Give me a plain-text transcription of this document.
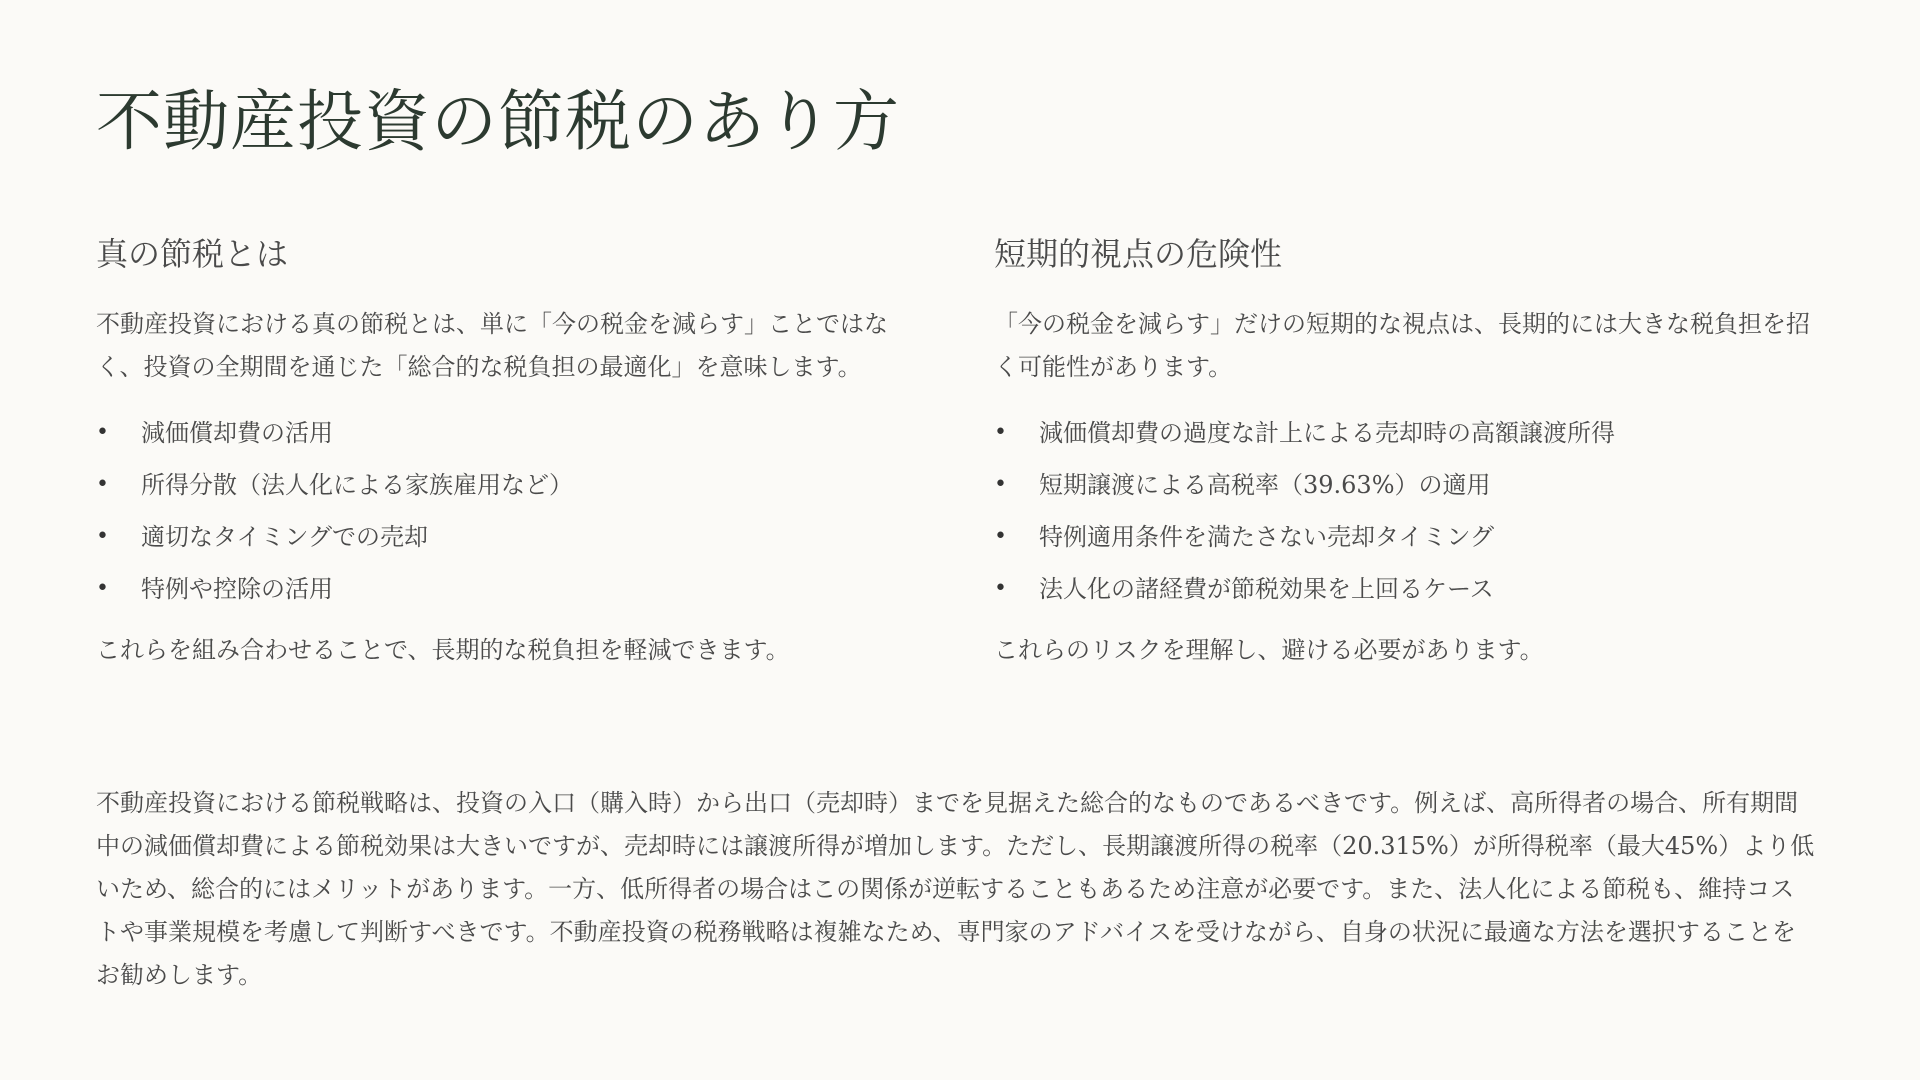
不動産投資の節税のあり方
真の節税とは

不動産投資における真の節税とは、単に「今の税金を減らす」ことではなく、投資の全期間を通じた「総合的な税負担の最適化」を意味します。

•	減価償却費の活用
•	所得分散（法人化による家族雇用など）
•	適切なタイミングでの売却
•	特例や控除の活用

これらを組み合わせることで、長期的な税負担を軽減できます。

短期的視点の危険性

「今の税金を減らす」だけの短期的な視点は、長期的には大きな税負担を招く可能性があります。

•	減価償却費の過度な計上による売却時の高額譲渡所得
•	短期譲渡による高税率（39.63%）の適用
•	特例適用条件を満たさない売却タイミング
•	法人化の諸経費が節税効果を上回るケース

これらのリスクを理解し、避ける必要があります。

不動産投資における節税戦略は、投資の入口（購入時）から出口（売却時）までを見据えた総合的なものであるべきです。例えば、高所得者の場合、所有期間中の減価償却費による節税効果は大きいですが、売却時には譲渡所得が増加します。ただし、長期譲渡所得の税率（20.315%）が所得税率（最大45%）より低いため、総合的にはメリットがあります。一方、低所得者の場合はこの関係が逆転することもあるため注意が必要です。また、法人化による節税も、維持コストや事業規模を考慮して判断すべきです。不動産投資の税務戦略は複雑なため、専門家のアドバイスを受けながら、自身の状況に最適な方法を選択することをお勧めします。
